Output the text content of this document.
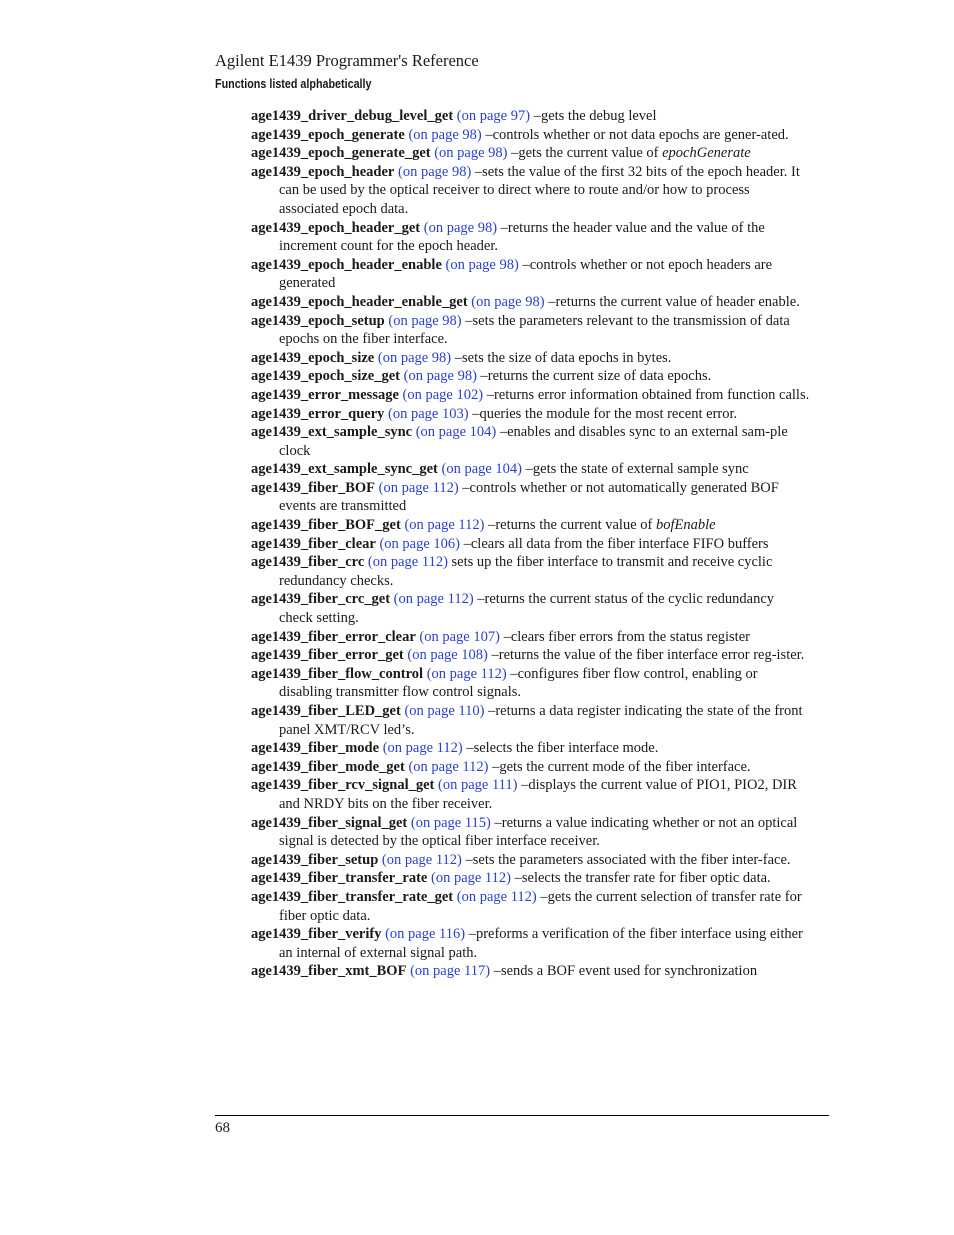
Agilent E1439 Programmer's Reference
Functions listed alphabetically

age1439_driver_debug_level_get (on page 97) –gets the debug level

age1439_epoch_generate (on page 98) –controls whether or not data epochs are gener-ated.

age1439_epoch_generate_get (on page 98) –gets the current value of epochGenerate

age1439_epoch_header (on page 98) –sets the value of the first 32 bits of the epoch header. It can be used by the optical receiver to direct where to route and/or how to process associated epoch data.

age1439_epoch_header_get (on page 98) –returns the header value and the value of the increment count for the epoch header.

age1439_epoch_header_enable (on page 98) –controls whether or not epoch headers are generated

age1439_epoch_header_enable_get (on page 98) –returns the current value of header enable.

age1439_epoch_setup (on page 98) –sets the parameters relevant to the transmission of data epochs on the fiber interface.

age1439_epoch_size (on page 98) –sets the size of data epochs in bytes.

age1439_epoch_size_get (on page 98) –returns the current size of data epochs.

age1439_error_message (on page 102) –returns error information obtained from function calls.

age1439_error_query (on page 103) –queries the module for the most recent error.

age1439_ext_sample_sync (on page 104) –enables and disables sync to an external sam-ple clock

age1439_ext_sample_sync_get (on page 104) –gets the state of external sample sync

age1439_fiber_BOF (on page 112) –controls whether or not automatically generated BOF events are transmitted

age1439_fiber_BOF_get (on page 112) –returns the current value of bofEnable

age1439_fiber_clear (on page 106) –clears all data from the fiber interface FIFO buffers

age1439_fiber_crc (on page 112) sets up the fiber interface to transmit and receive cyclic redundancy checks.

age1439_fiber_crc_get (on page 112) –returns the current status of the cyclic redundancy check setting.

age1439_fiber_error_clear (on page 107) –clears fiber errors from the status register

age1439_fiber_error_get (on page 108) –returns the value of the fiber interface error reg-ister.

age1439_fiber_flow_control (on page 112) –configures fiber flow control, enabling or disabling transmitter flow control signals.

age1439_fiber_LED_get (on page 110) –returns a data register indicating the state of the front panel XMT/RCV led’s.

age1439_fiber_mode (on page 112) –selects the fiber interface mode.

age1439_fiber_mode_get (on page 112) –gets the current mode of the fiber interface.

age1439_fiber_rcv_signal_get (on page 111) –displays the current value of PIO1, PIO2, DIR and NRDY bits on the fiber receiver.

age1439_fiber_signal_get (on page 115) –returns a value indicating whether or not an optical signal is detected by the optical fiber interface receiver.

age1439_fiber_setup (on page 112) –sets the parameters associated with the fiber inter-face.

age1439_fiber_transfer_rate (on page 112) –selects the transfer rate for fiber optic data.

age1439_fiber_transfer_rate_get (on page 112) –gets the current selection of transfer rate for fiber optic data.

age1439_fiber_verify (on page 116) –preforms a verification of the fiber interface using either an internal of external signal path.

age1439_fiber_xmt_BOF (on page 117) –sends a BOF event used for synchronization

68
